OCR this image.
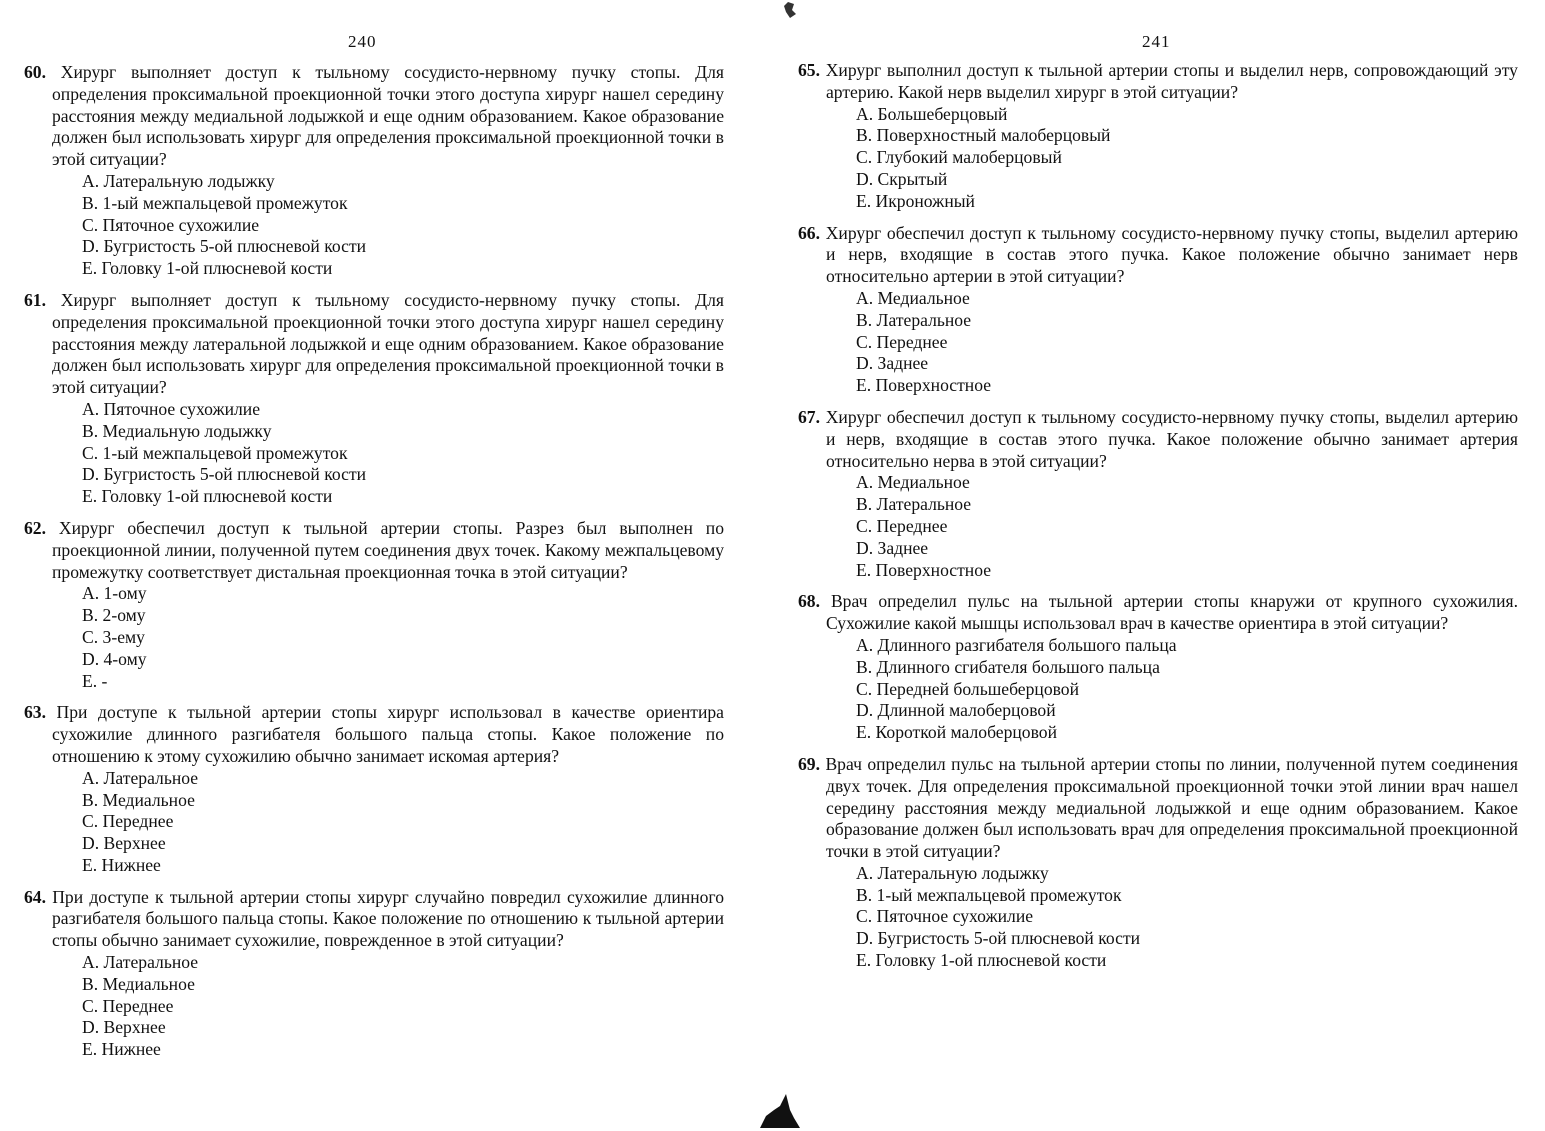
240
60. Хирург выполняет доступ к тыльному сосудисто-нервному пучку стопы. Для определения проксимальной проекционной точки этого доступа хирург нашел середину расстояния между медиальной лодыжкой и еще одним образованием. Какое образование должен был использовать хирург для определения проксимальной проекционной точки в этой ситуации?
A. Латеральную лодыжку
B. 1-ый межпальцевой промежуток
C. Пяточное сухожилие
D. Бугристость 5-ой плюсневой кости
E. Головку 1-ой плюсневой кости
61. Хирург выполняет доступ к тыльному сосудисто-нервному пучку стопы. Для определения проксимальной проекционной точки этого доступа хирург нашел середину расстояния между латеральной лодыжкой и еще одним образованием. Какое образование должен был использовать хирург для определения проксимальной проекционной точки в этой ситуации?
A. Пяточное сухожилие
B. Медиальную лодыжку
C. 1-ый межпальцевой промежуток
D. Бугристость 5-ой плюсневой кости
E. Головку 1-ой плюсневой кости
62. Хирург обеспечил доступ к тыльной артерии стопы. Разрез был выполнен по проекционной линии, полученной путем соединения двух точек. Какому межпальцевому промежутку соответствует дистальная проекционная точка в этой ситуации?
A. 1-ому
B. 2-ому
C. 3-ему
D. 4-ому
E. -
63. При доступе к тыльной артерии стопы хирург использовал в качестве ориентира сухожилие длинного разгибателя большого пальца стопы. Какое положение по отношению к этому сухожилию обычно занимает искомая артерия?
A. Латеральное
B. Медиальное
C. Переднее
D. Верхнее
E. Нижнее
64. При доступе к тыльной артерии стопы хирург случайно повредил сухожилие длинного разгибателя большого пальца стопы. Какое положение по отношению к тыльной артерии стопы обычно занимает сухожилие, поврежденное в этой ситуации?
A. Латеральное
B. Медиальное
C. Переднее
D. Верхнее
E. Нижнее
241
65. Хирург выполнил доступ к тыльной артерии стопы и выделил нерв, сопровождающий эту артерию. Какой нерв выделил хирург в этой ситуации?
A. Большеберцовый
B. Поверхностный малоберцовый
C. Глубокий малоберцовый
D. Скрытый
E. Икроножный
66. Хирург обеспечил доступ к тыльному сосудисто-нервному пучку стопы, выделил артерию и нерв, входящие в состав этого пучка. Какое положение обычно занимает нерв относительно артерии в этой ситуации?
A. Медиальное
B. Латеральное
C. Переднее
D. Заднее
E. Поверхностное
67. Хирург обеспечил доступ к тыльному сосудисто-нервному пучку стопы, выделил артерию и нерв, входящие в состав этого пучка. Какое положение обычно занимает артерия относительно нерва в этой ситуации?
A. Медиальное
B. Латеральное
C. Переднее
D. Заднее
E. Поверхностное
68. Врач определил пульс на тыльной артерии стопы кнаружи от крупного сухожилия. Сухожилие какой мышцы использовал врач в качестве ориентира в этой ситуации?
A. Длинного разгибателя большого пальца
B. Длинного сгибателя большого пальца
C. Передней большеберцовой
D. Длинной малоберцовой
E. Короткой малоберцовой
69. Врач определил пульс на тыльной артерии стопы по линии, полученной путем соединения двух точек. Для определения проксимальной проекционной точки этой линии врач нашел середину расстояния между медиальной лодыжкой и еще одним образованием. Какое образование должен был использовать врач для определения проксимальной проекционной точки в этой ситуации?
A. Латеральную лодыжку
B. 1-ый межпальцевой промежуток
C. Пяточное сухожилие
D. Бугристость 5-ой плюсневой кости
E. Головку 1-ой плюсневой кости
